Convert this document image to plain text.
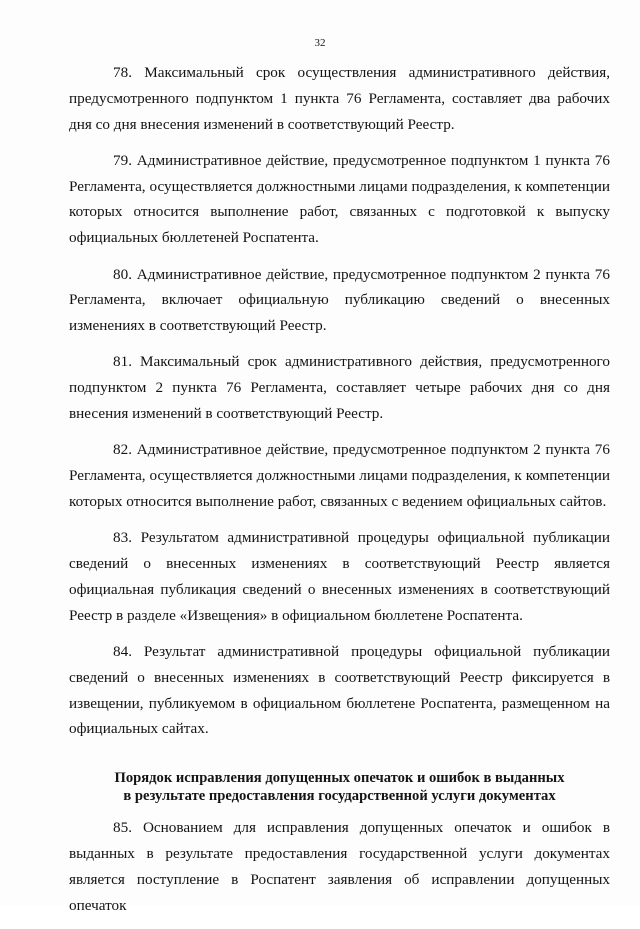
32

78. Максимальный срок осуществления административного действия, предусмотренного подпунктом 1 пункта 76 Регламента, составляет два рабочих дня со дня внесения изменений в соответствующий Реестр.

79. Административное действие, предусмотренное подпунктом 1 пункта 76 Регламента, осуществляется должностными лицами подразделения, к компетенции которых относится выполнение работ, связанных с подготовкой к выпуску официальных бюллетеней Роспатента.

80. Административное действие, предусмотренное подпунктом 2 пункта 76 Регламента, включает официальную публикацию сведений о внесенных изменениях в соответствующий Реестр.

81. Максимальный срок административного действия, предусмотренного подпунктом 2 пункта 76 Регламента, составляет четыре рабочих дня со дня внесения изменений в соответствующий Реестр.

82. Административное действие, предусмотренное подпунктом 2 пункта 76 Регламента, осуществляется должностными лицами подразделения, к компетенции которых относится выполнение работ, связанных с ведением официальных сайтов.

83. Результатом административной процедуры официальной публикации сведений о внесенных изменениях в соответствующий Реестр является официальная публикация сведений о внесенных изменениях в соответствующий Реестр в разделе «Извещения» в официальном бюллетене Роспатента.

84. Результат административной процедуры официальной публикации сведений о внесенных изменениях в соответствующий Реестр фиксируется в извещении, публикуемом в официальном бюллетене Роспатента, размещенном на официальных сайтах.

Порядок исправления допущенных опечаток и ошибок в выданных
в результате предоставления государственной услуги документах

85. Основанием для исправления допущенных опечаток и ошибок в выданных в результате предоставления государственной услуги документах является поступление в Роспатент заявления об исправлении допущенных опечаток
